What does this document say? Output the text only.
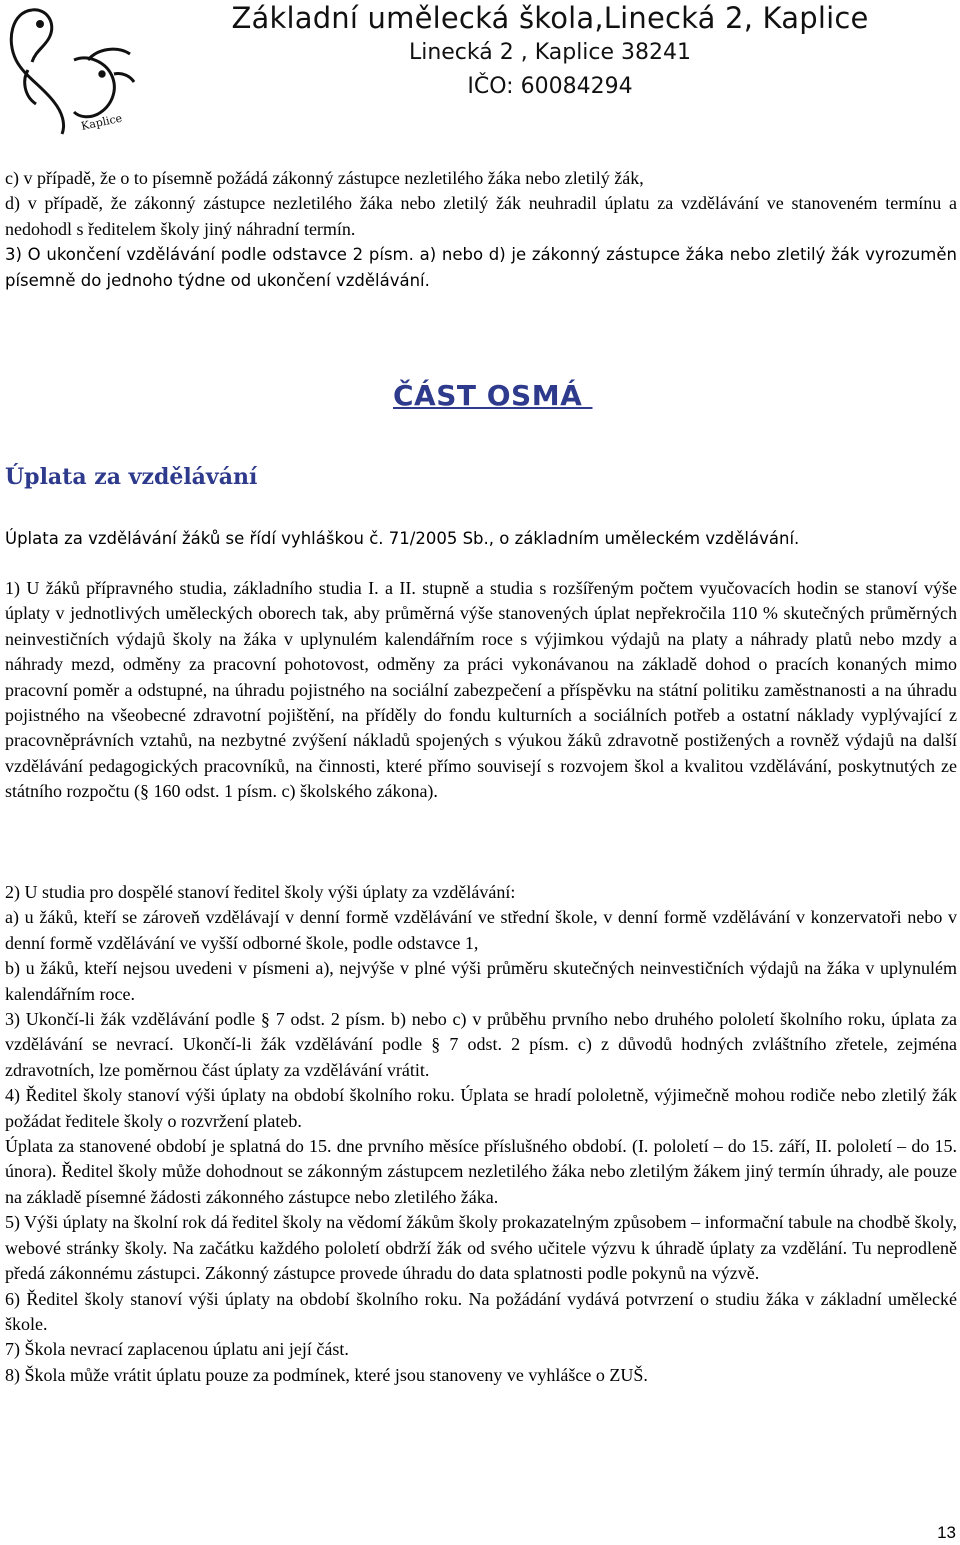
Kaplice
Základní umělecká škola,Linecká 2, Kaplice
Linecká 2 , Kaplice 38241
IČO: 60084294

c) v případě, že o to písemně požádá zákonný zástupce nezletilého žáka nebo zletilý žák,

d) v případě, že zákonný zástupce nezletilého žáka nebo zletilý žák neuhradil úplatu za vzdělávání ve stanoveném termínu a nedohodl s ředitelem školy jiný náhradní termín.

3) O ukončení vzdělávání podle odstavce 2 písm. a) nebo d) je zákonný zástupce žáka nebo zletilý žák vyrozuměn písemně do jednoho týdne od ukončení vzdělávání.

ČÁST OSMÁ
Úplata za vzdělávání

Úplata za vzdělávání žáků se řídí vyhláškou č. 71/2005 Sb., o základním uměleckém vzdělávání.

1) U žáků přípravného studia, základního studia I. a II. stupně a studia s rozšířeným počtem vyučovacích hodin se stanoví výše úplaty v jednotlivých uměleckých oborech tak, aby průměrná výše stanovených úplat nepřekročila 110 % skutečných průměrných neinvestičních výdajů školy na žáka v uplynulém kalendářním roce s výjimkou výdajů na platy a náhrady platů nebo mzdy a náhrady mezd, odměny za pracovní pohotovost, odměny za práci vykonávanou na základě dohod o pracích konaných mimo pracovní poměr a odstupné, na úhradu pojistného na sociální zabezpečení a příspěvku na státní politiku zaměstnanosti a na úhradu pojistného na všeobecné zdravotní pojištění, na příděly do fondu kulturních a sociálních potřeb a ostatní náklady vyplývající z pracovněprávních vztahů, na nezbytné zvýšení nákladů spojených s výukou žáků zdravotně postižených a rovněž výdajů na další vzdělávání pedagogických pracovníků, na činnosti, které přímo souvisejí s rozvojem škol a kvalitou vzdělávání, poskytnutých ze státního rozpočtu (§ 160 odst. 1 písm. c) školského zákona).

2) U studia pro dospělé stanoví ředitel školy výši úplaty za vzdělávání:

a) u žáků, kteří se zároveň vzdělávají v denní formě vzdělávání ve střední škole, v denní formě vzdělávání v konzervatoři nebo v denní formě vzdělávání ve vyšší odborné škole, podle odstavce 1,

b) u žáků, kteří nejsou uvedeni v písmeni a), nejvýše v plné výši průměru skutečných neinvestičních výdajů na žáka v uplynulém kalendářním roce.

3) Ukončí-li žák vzdělávání podle § 7 odst. 2 písm. b) nebo c) v průběhu prvního nebo druhého pololetí školního roku, úplata za vzdělávání se nevrací. Ukončí-li žák vzdělávání podle § 7 odst. 2 písm. c) z důvodů hodných zvláštního zřetele, zejména zdravotních, lze poměrnou část úplaty za vzdělávání vrátit.

4) Ředitel školy stanoví výši úplaty na období školního roku. Úplata se hradí pololetně, výjimečně mohou rodiče nebo zletilý žák požádat ředitele školy o rozvržení plateb.

Úplata za stanovené období je splatná do 15. dne prvního měsíce příslušného období. (I. pololetí – do 15. září, II. pololetí – do 15. února). Ředitel školy může dohodnout se zákonným zástupcem nezletilého žáka nebo zletilým žákem jiný termín úhrady, ale pouze na základě písemné žádosti zákonného zástupce nebo zletilého žáka.

5) Výši úplaty na školní rok dá ředitel školy na vědomí žákům školy prokazatelným způsobem – informační tabule na chodbě školy, webové stránky školy. Na začátku každého pololetí obdrží žák od svého učitele výzvu k úhradě úplaty za vzdělání. Tu neprodleně předá zákonnému zástupci. Zákonný zástupce provede úhradu do data splatnosti podle pokynů na výzvě.

6) Ředitel školy stanoví výši úplaty na období školního roku. Na požádání vydává potvrzení o studiu žáka v základní umělecké škole.

7) Škola nevrací zaplacenou úplatu ani její část.

8) Škola může vrátit úplatu pouze za podmínek, které jsou stanoveny ve vyhlášce o ZUŠ.

13
